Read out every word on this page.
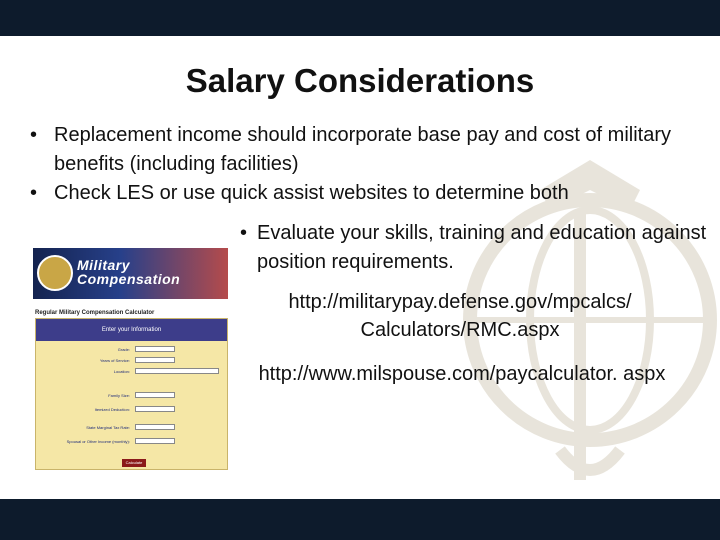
Salary Considerations
• Replacement income should incorporate base pay and cost of military benefits (including facilities)
• Check LES or use quick assist websites to determine both
• Evaluate your skills, training and education against position requirements.
http://militarypay.defense.gov/mpcalcs/ Calculators/RMC.aspx
http://www.milspouse.com/paycalculator. aspx
Military
Compensation
Regular Military Compensation Calculator
Enter your Information
Grade:
Years of Service:
Location:
Family Size:
Itemized Deduction:
State Marginal Tax Rate:
Spousal or Other Income (monthly):
Calculate
